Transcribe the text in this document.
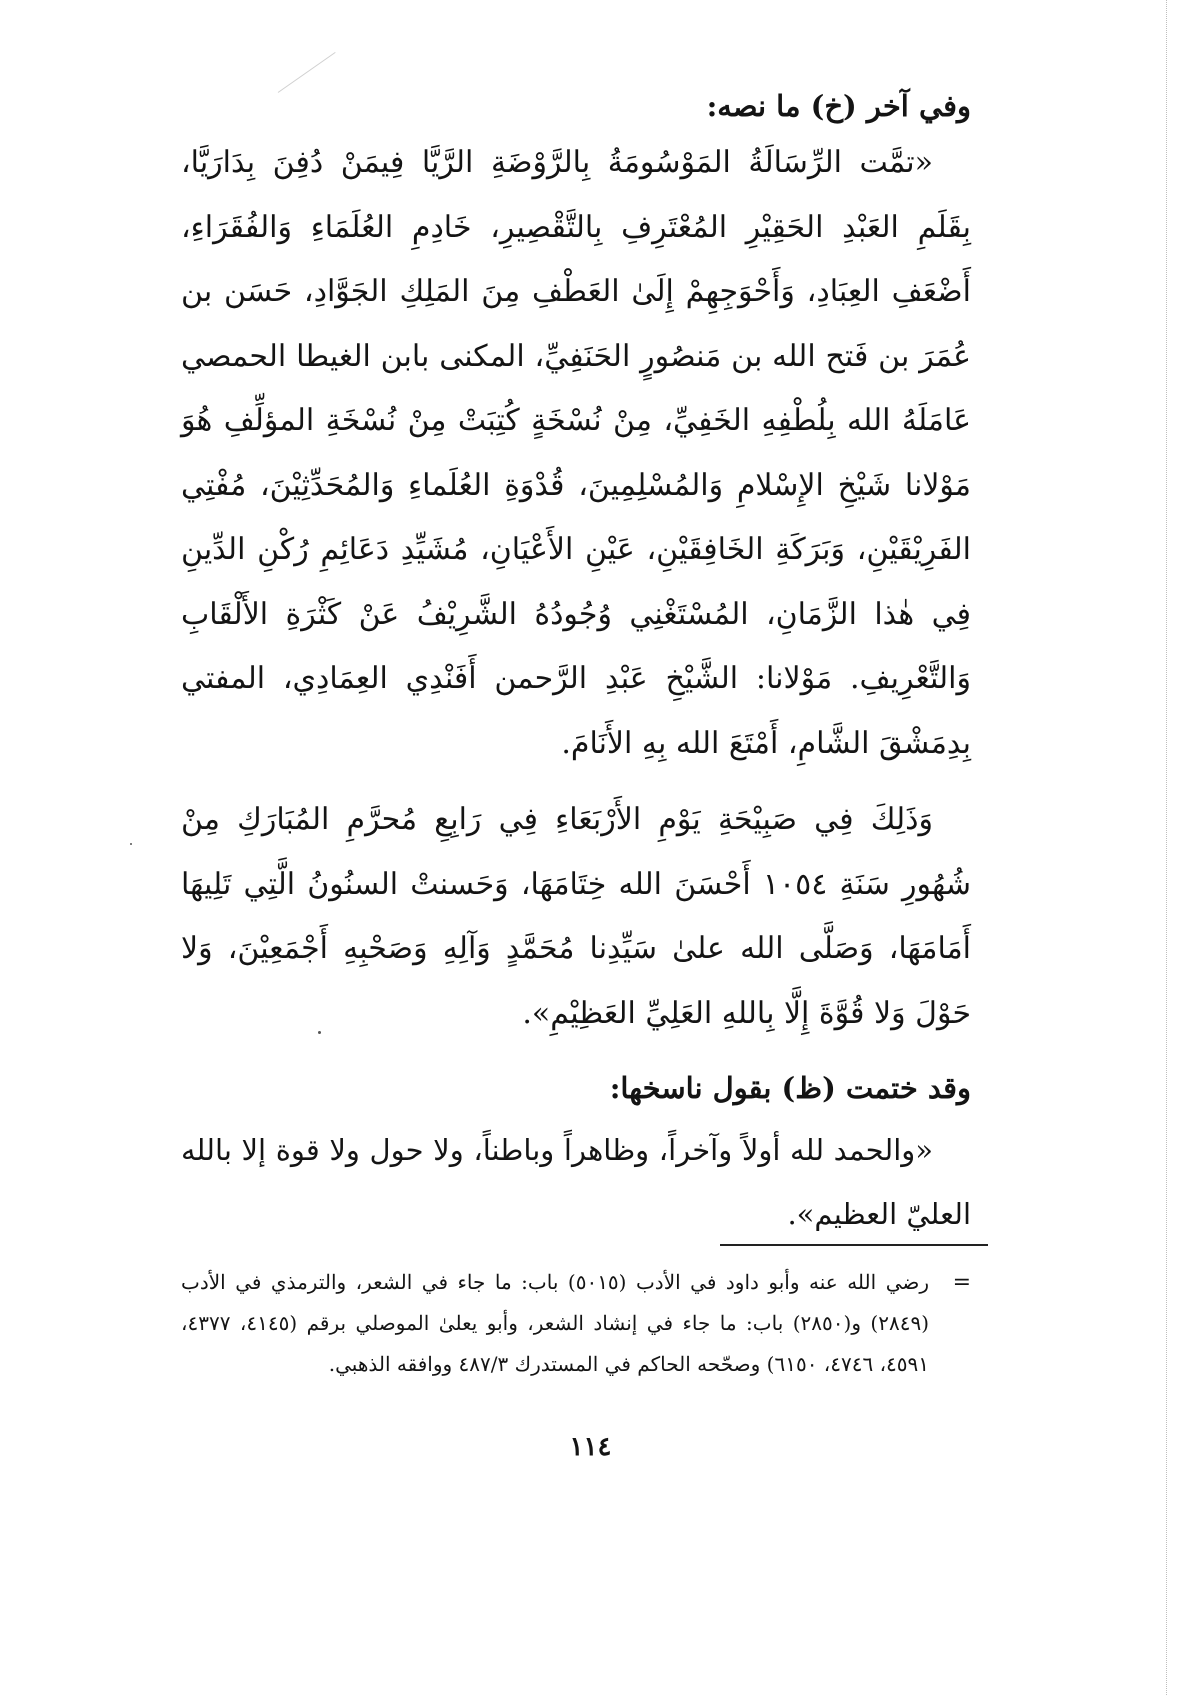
وفي آخر (خ) ما نصه:
«تمَّت الرِّسَالَةُ المَوْسُومَةُ بِالرَّوْضَةِ الرَّيَّا فِيمَنْ دُفِنَ بِدَارَيَّا، بِقَلَمِ العَبْدِ الحَقِيْرِ المُعْتَرِفِ بِالتَّقْصِيرِ، خَادِمِ العُلَمَاءِ وَالفُقَرَاءِ، أَضْعَفِ العِبَادِ، وَأَحْوَجِهِمْ إِلَىٰ العَطْفِ مِنَ المَلِكِ الجَوَّادِ، حَسَن بن عُمَرَ بن فَتح الله بن مَنصُورٍ الحَنَفِيِّ، المكنى بابن الغيطا الحمصي عَامَلَهُ الله بِلُطْفِهِ الخَفِيِّ، مِنْ نُسْخَةٍ كُتِبَتْ مِنْ نُسْخَةِ المؤلِّفِ هُوَ مَوْلانا شَيْخِ الإِسْلامِ وَالمُسْلِمِينَ، قُدْوَةِ العُلَماءِ وَالمُحَدِّثِيْنَ، مُفْتِي الفَرِيْقَيْنِ، وَبَرَكَةِ الخَافِقَيْنِ، عَيْنِ الأَعْيَانِ، مُشَيِّدِ دَعَائِمِ رُكْنِ الدِّينِ فِي هٰذا الزَّمَانِ، المُسْتَغْنِي وُجُودُهُ الشَّرِيْفُ عَنْ كَثْرَةِ الأَلْقَابِ وَالتَّعْرِيفِ. مَوْلانا: الشَّيْخِ عَبْدِ الرَّحمن أَفَنْدِي العِمَادِي، المفتي بِدِمَشْقَ الشَّامِ، أَمْتَعَ الله بِهِ الأَنَامَ.
وَذَلِكَ فِي صَبِيْحَةِ يَوْمِ الأَرْبَعَاءِ فِي رَابِعِ مُحرَّمِ المُبَارَكِ مِنْ شُهُورِ سَنَةِ ١٠٥٤ أَحْسَنَ الله خِتَامَهَا، وَحَسنتْ السنُونُ الَّتِي تَلِيهَا أَمَامَهَا، وَصَلَّى الله علىٰ سَيِّدِنا مُحَمَّدٍ وَآلِهِ وَصَحْبِهِ أَجْمَعِيْنَ، وَلا حَوْلَ وَلا قُوَّةَ إِلَّا بِاللهِ العَلِيِّ العَظِيْمِ».
وقد ختمت (ظ) بقول ناسخها:
«والحمد لله أولاً وآخراً، وظاهراً وباطناً، ولا حول ولا قوة إلا بالله العليّ العظيم».
=
رضي الله عنه وأبو داود في الأدب (٥٠١٥) باب: ما جاء في الشعر، والترمذي في الأدب (٢٨٤٩) و(٢٨٥٠) باب: ما جاء في إنشاد الشعر، وأبو يعلىٰ الموصلي برقم (٤١٤٥، ٤٣٧٧، ٤٥٩١، ٤٧٤٦، ٦١٥٠) وصحّحه الحاكم في المستدرك ٤٨٧/٣ ووافقه الذهبي.
١١٤
